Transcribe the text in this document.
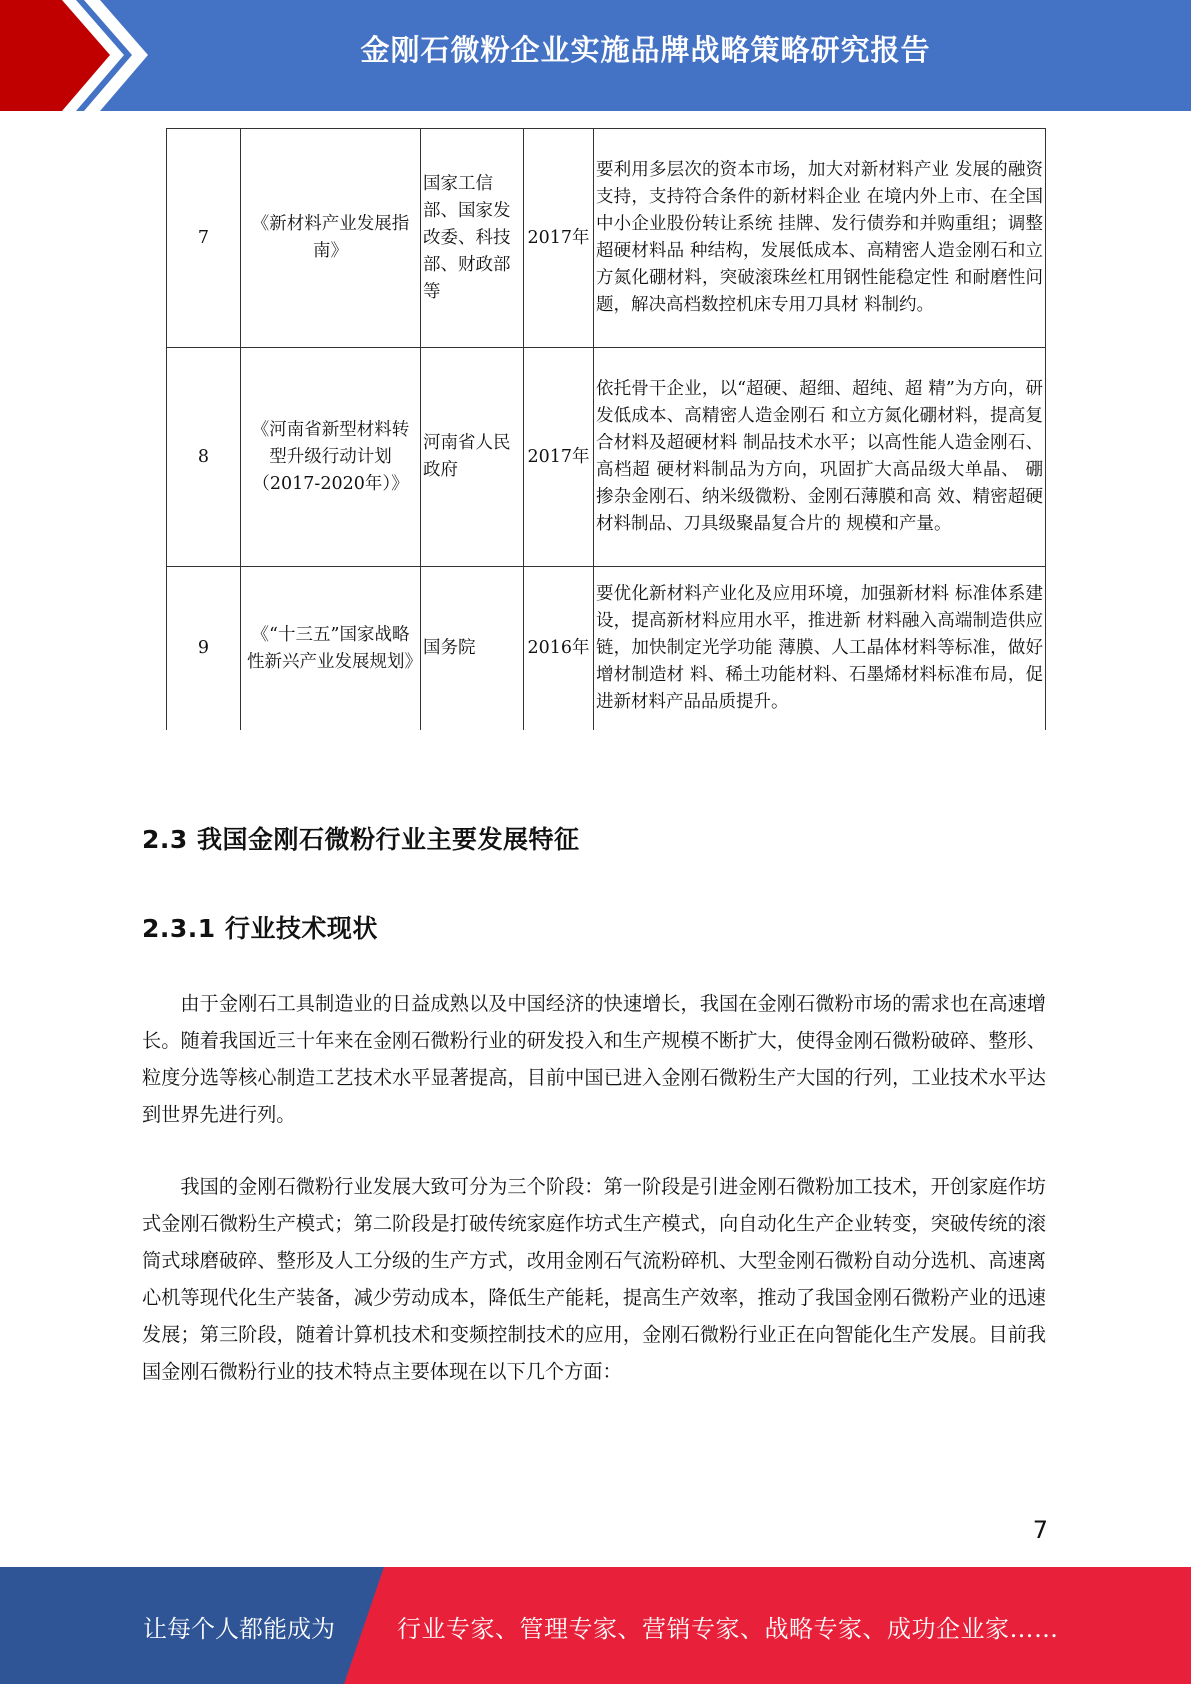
金刚石微粉企业实施品牌战略策略研究报告
7	《新材料产业发展指南》	国家工信部、国家发改委、科技部、财政部等	2017年	要利用多层次的资本市场，加大对新材料产业 发展的融资支持，支持符合条件的新材料企业 在境内外上市、在全国中小企业股份转让系统 挂牌、发行债券和并购重组；调整超硬材料品 种结构，发展低成本、高精密人造金刚石和立 方氮化硼材料，突破滚珠丝杠用钢性能稳定性 和耐磨性问题，解决高档数控机床专用刀具材 料制约。
8	《河南省新型材料转型升级行动计划（2017-2020年）》	河南省人民政府	2017年	依托骨干企业，以“超硬、超细、超纯、超 精”为方向，研发低成本、高精密人造金刚石 和立方氮化硼材料，提高复合材料及超硬材料 制品技术水平；以高性能人造金刚石、高档超 硬材料制品为方向，巩固扩大高品级大单晶、 硼掺杂金刚石、纳米级微粉、金刚石薄膜和高 效、精密超硬材料制品、刀具级聚晶复合片的 规模和产量。
9	《“十三五”国家战略性新兴产业发展规划》	国务院	2016年	要优化新材料产业化及应用环境，加强新材料 标准体系建设，提高新材料应用水平，推进新 材料融入高端制造供应链，加快制定光学功能 薄膜、人工晶体材料等标准，做好增材制造材 料、稀土功能材料、石墨烯材料标准布局，促 进新材料产品品质提升。
2.3 我国金刚石微粉行业主要发展特征
2.3.1 行业技术现状

由于金刚石工具制造业的日益成熟以及中国经济的快速增长，我国在金刚石微粉市场的需求也在高速增长。随着我国近三十年来在金刚石微粉行业的研发投入和生产规模不断扩大，使得金刚石微粉破碎、整形、粒度分选等核心制造工艺技术水平显著提高，目前中国已进入金刚石微粉生产大国的行列，工业技术水平达到世界先进行列。

我国的金刚石微粉行业发展大致可分为三个阶段：第一阶段是引进金刚石微粉加工技术，开创家庭作坊式金刚石微粉生产模式；第二阶段是打破传统家庭作坊式生产模式，向自动化生产企业转变，突破传统的滚筒式球磨破碎、整形及人工分级的生产方式，改用金刚石气流粉碎机、大型金刚石微粉自动分选机、高速离心机等现代化生产装备，减少劳动成本，降低生产能耗，提高生产效率，推动了我国金刚石微粉产业的迅速发展；第三阶段，随着计算机技术和变频控制技术的应用，金刚石微粉行业正在向智能化生产发展。目前我国金刚石微粉行业的技术特点主要体现在以下几个方面：

7
让每个人都能成为	行业专家、管理专家、营销专家、战略专家、成功企业家……
